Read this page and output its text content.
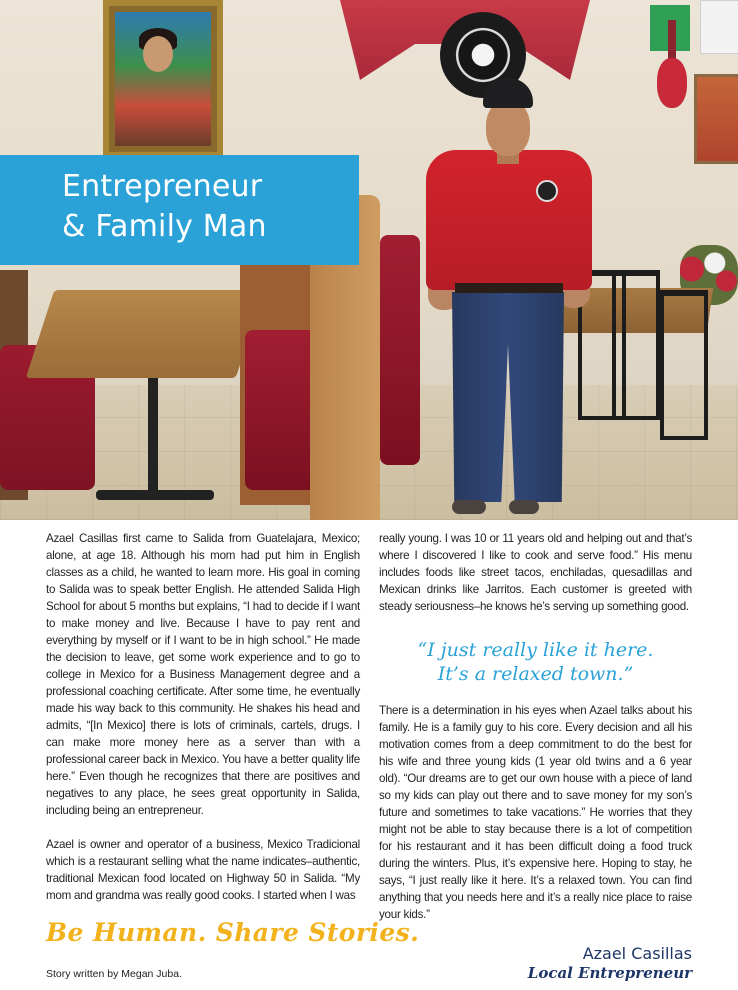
Entrepreneur
& Family Man

Azael Casillas first came to Salida from Guatelajara, Mexico; alone, at age 18. Although his mom had put him in English classes as a child, he wanted to learn more. His goal in coming to Salida was to speak better English. He attended Salida High School for about 5 months but explains, “I had to decide if I want to make money and live. Because I have to pay rent and everything by myself or if I want to be in high school.” He made the decision to leave, get some work experience and to go to college in Mexico for a Business Management degree and a professional coaching certificate. After some time, he eventually made his way back to this community. He shakes his head and admits, “[In Mexico] there is lots of criminals, cartels, drugs. I can make more money here as a server than with a professional career back in Mexico. You have a better quality life here.” Even though he recognizes that there are positives and negatives to any place, he sees great opportunity in Salida, including being an entrepreneur.

Azael is owner and operator of a business, Mexico Tradicional which is a restaurant selling what the name indicates–authentic, traditional Mexican food located on Highway 50 in Salida. “My mom and grandma was really good cooks. I started when I was

really young. I was 10 or 11 years old and helping out and that’s where I discovered I like to cook and serve food.” His menu includes foods like street tacos, enchiladas, quesadillas and Mexican drinks like Jarritos. Each customer is greeted with steady seriousness–he knows he’s serving up something good.

“I just really like it here.
It’s a relaxed town.”

There is a determination in his eyes when Azael talks about his family. He is a family guy to his core. Every decision and all his motivation comes from a deep commitment to do the best for his wife and three young kids (1 year old twins and a 6 year old). “Our dreams are to get our own house with a piece of land so my kids can play out there and to save money for my son’s future and sometimes to take vacations.” He worries that they might not be able to stay because there is a lot of competition for his restaurant and it has been difficult doing a food truck during the winters. Plus, it’s expensive here. Hoping to stay, he says, “I just really like it here. It’s a relaxed town. You can find anything that you needs here and it’s a really nice place to raise your kids.”

Be Human. Share Stories.

Story written by Megan Juba.

Azael Casillas

Local Entrepreneur
